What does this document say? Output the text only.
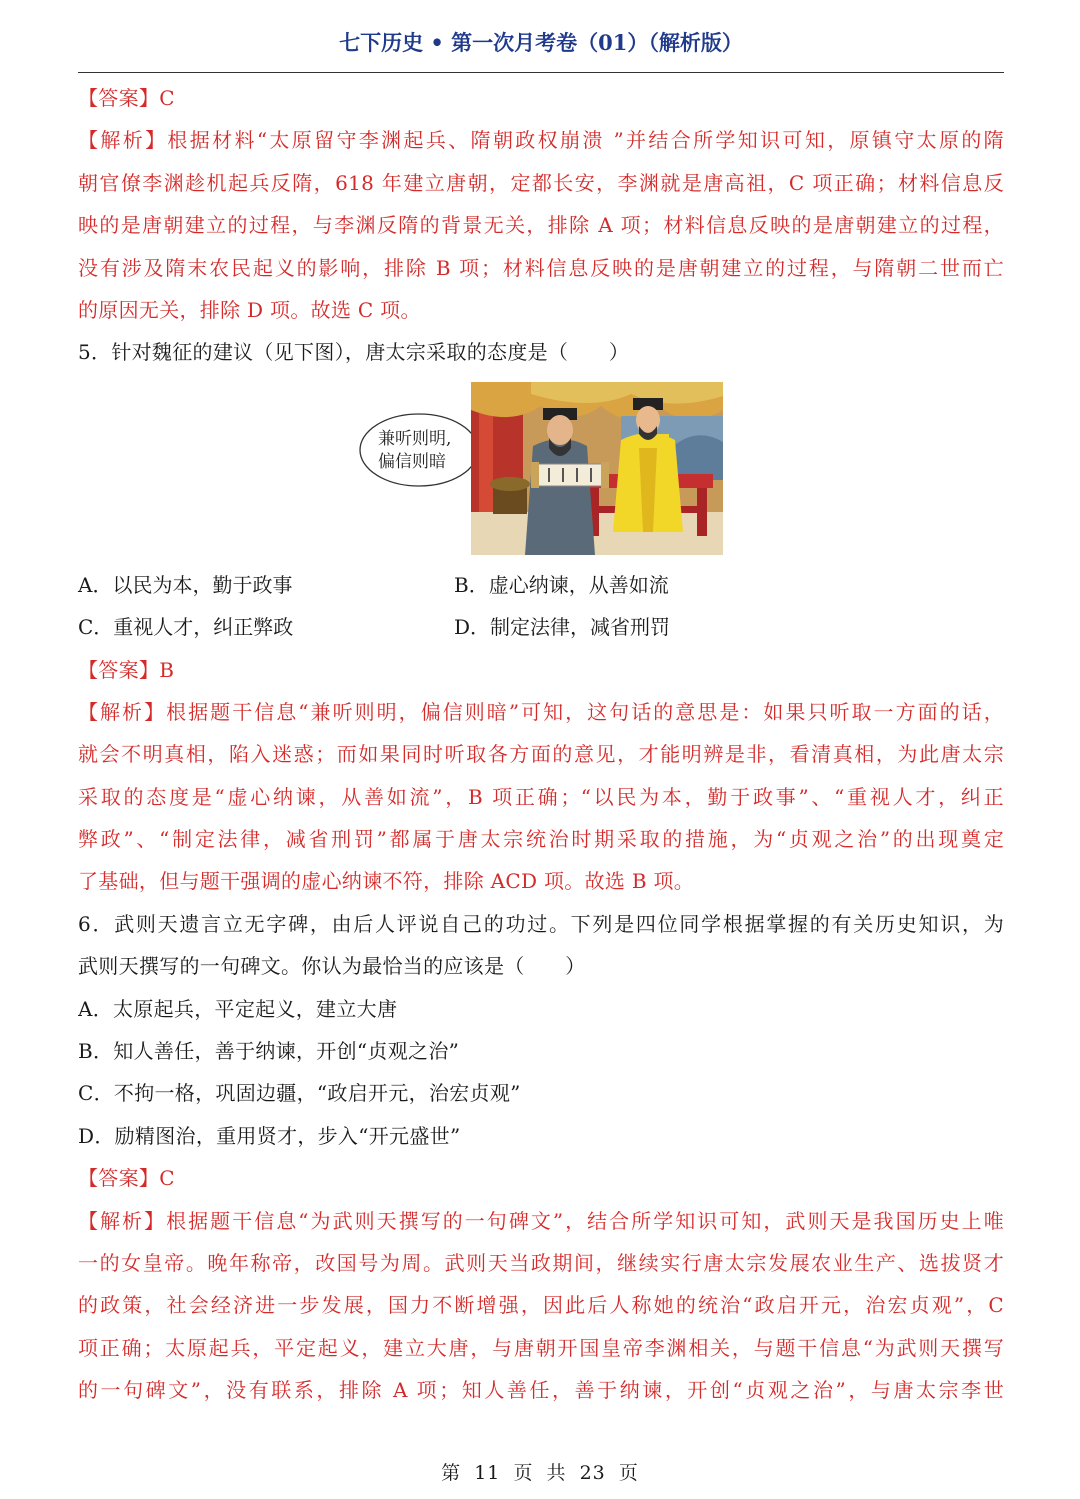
七下历史 • 第一次月考卷（01）（解析版）
【答案】C
【解析】根据材料“太原留守李渊起兵、隋朝政权崩溃 ”并结合所学知识可知，原镇守太原的隋
朝官僚李渊趁机起兵反隋，618 年建立唐朝，定都长安，李渊就是唐高祖，C 项正确；材料信息反
映的是唐朝建立的过程，与李渊反隋的背景无关，排除 A 项；材料信息反映的是唐朝建立的过程，
没有涉及隋末农民起义的影响，排除 B 项；材料信息反映的是唐朝建立的过程，与隋朝二世而亡
的原因无关，排除 D 项。故选 C 项。
5．针对魏征的建议（见下图），唐太宗采取的态度是（　　）
兼听则明,
偏信则暗
A．以民为本，勤于政事	B．虚心纳谏，从善如流
C．重视人才，纠正弊政	D．制定法律，减省刑罚
【答案】B
【解析】根据题干信息“兼听则明，偏信则暗”可知，这句话的意思是：如果只听取一方面的话，
就会不明真相，陷入迷惑；而如果同时听取各方面的意见，才能明辨是非，看清真相，为此唐太宗
采取的态度是“虚心纳谏，从善如流”，B 项正确；“以民为本，勤于政事”、“重视人才，纠正
弊政”、“制定法律，减省刑罚”都属于唐太宗统治时期采取的措施，为“贞观之治”的出现奠定
了基础，但与题干强调的虚心纳谏不符，排除 ACD 项。故选 B 项。
6．武则天遗言立无字碑，由后人评说自己的功过。下列是四位同学根据掌握的有关历史知识，为
武则天撰写的一句碑文。你认为最恰当的应该是（　　）
A．太原起兵，平定起义，建立大唐
B．知人善任，善于纳谏，开创“贞观之治”
C．不拘一格，巩固边疆，“政启开元，治宏贞观”
D．励精图治，重用贤才，步入“开元盛世”
【答案】C
【解析】根据题干信息“为武则天撰写的一句碑文”，结合所学知识可知，武则天是我国历史上唯
一的女皇帝。晚年称帝，改国号为周。武则天当政期间，继续实行唐太宗发展农业生产、选拔贤才
的政策，社会经济进一步发展，国力不断增强，因此后人称她的统治“政启开元，治宏贞观”，C
项正确；太原起兵，平定起义，建立大唐，与唐朝开国皇帝李渊相关，与题干信息“为武则天撰写
的一句碑文”，没有联系，排除 A 项；知人善任，善于纳谏，开创“贞观之治”，与唐太宗李世
第 11 页 共 23 页
